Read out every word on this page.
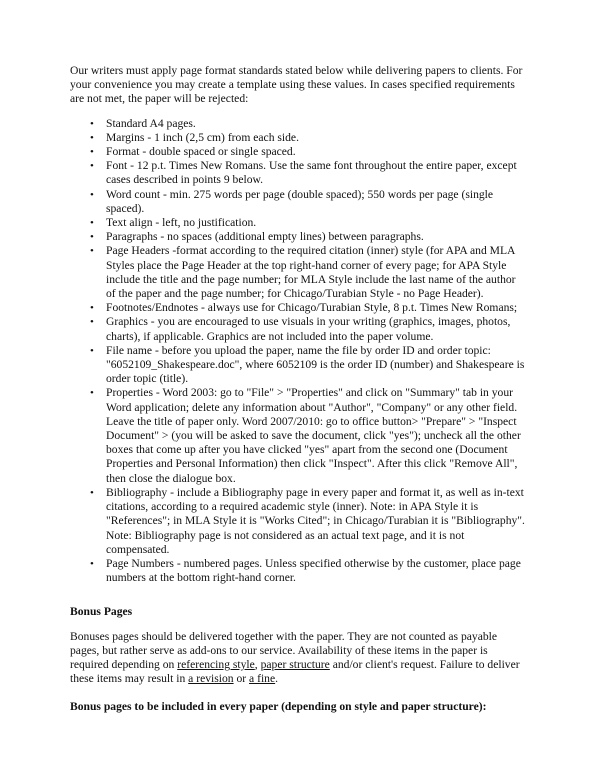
Our writers must apply page format standards stated below while delivering papers to clients. For your convenience you may create a template using these values. In cases specified requirements are not met, the paper will be rejected:

• Standard A4 pages.
• Margins - 1 inch (2,5 cm) from each side.
• Format - double spaced or single spaced.
• Font - 12 p.t. Times New Romans. Use the same font throughout the entire paper, except cases described in points 9 below.
• Word count - min. 275 words per page (double spaced); 550 words per page (single spaced).
• Text align - left, no justification.
• Paragraphs - no spaces (additional empty lines) between paragraphs.
• Page Headers -format according to the required citation (inner) style (for APA and MLA Styles place the Page Header at the top right-hand corner of every page; for APA Style include the title and the page number; for MLA Style include the last name of the author of the paper and the page number; for Chicago/Turabian Style - no Page Header).
• Footnotes/Endnotes - always use for Chicago/Turabian Style, 8 p.t. Times New Romans;
• Graphics - you are encouraged to use visuals in your writing (graphics, images, photos, charts), if applicable. Graphics are not included into the paper volume.
• File name - before you upload the paper, name the file by order ID and order topic: "6052109_Shakespeare.doc", where 6052109 is the order ID (number) and Shakespeare is order topic (title).
• Properties - Word 2003: go to "File" > "Properties" and click on "Summary" tab in your Word application; delete any information about "Author", "Company" or any other field. Leave the title of paper only. Word 2007/2010: go to office button> "Prepare" > "Inspect Document" > (you will be asked to save the document, click "yes"); uncheck all the other boxes that come up after you have clicked "yes" apart from the second one (Document Properties and Personal Information) then click "Inspect". After this click "Remove All", then close the dialogue box.
• Bibliography - include a Bibliography page in every paper and format it, as well as in-text citations, according to a required academic style (inner). Note: in APA Style it is "References"; in MLA Style it is "Works Cited"; in Chicago/Turabian it is "Bibliography". Note: Bibliography page is not considered as an actual text page, and it is not compensated.
• Page Numbers - numbered pages. Unless specified otherwise by the customer, place page numbers at the bottom right-hand corner.
Bonus Pages

Bonuses pages should be delivered together with the paper. They are not counted as payable pages, but rather serve as add-ons to our service. Availability of these items in the paper is required depending on referencing style, paper structure and/or client's request. Failure to deliver these items may result in a revision or a fine.

Bonus pages to be included in every paper (depending on style and paper structure):
